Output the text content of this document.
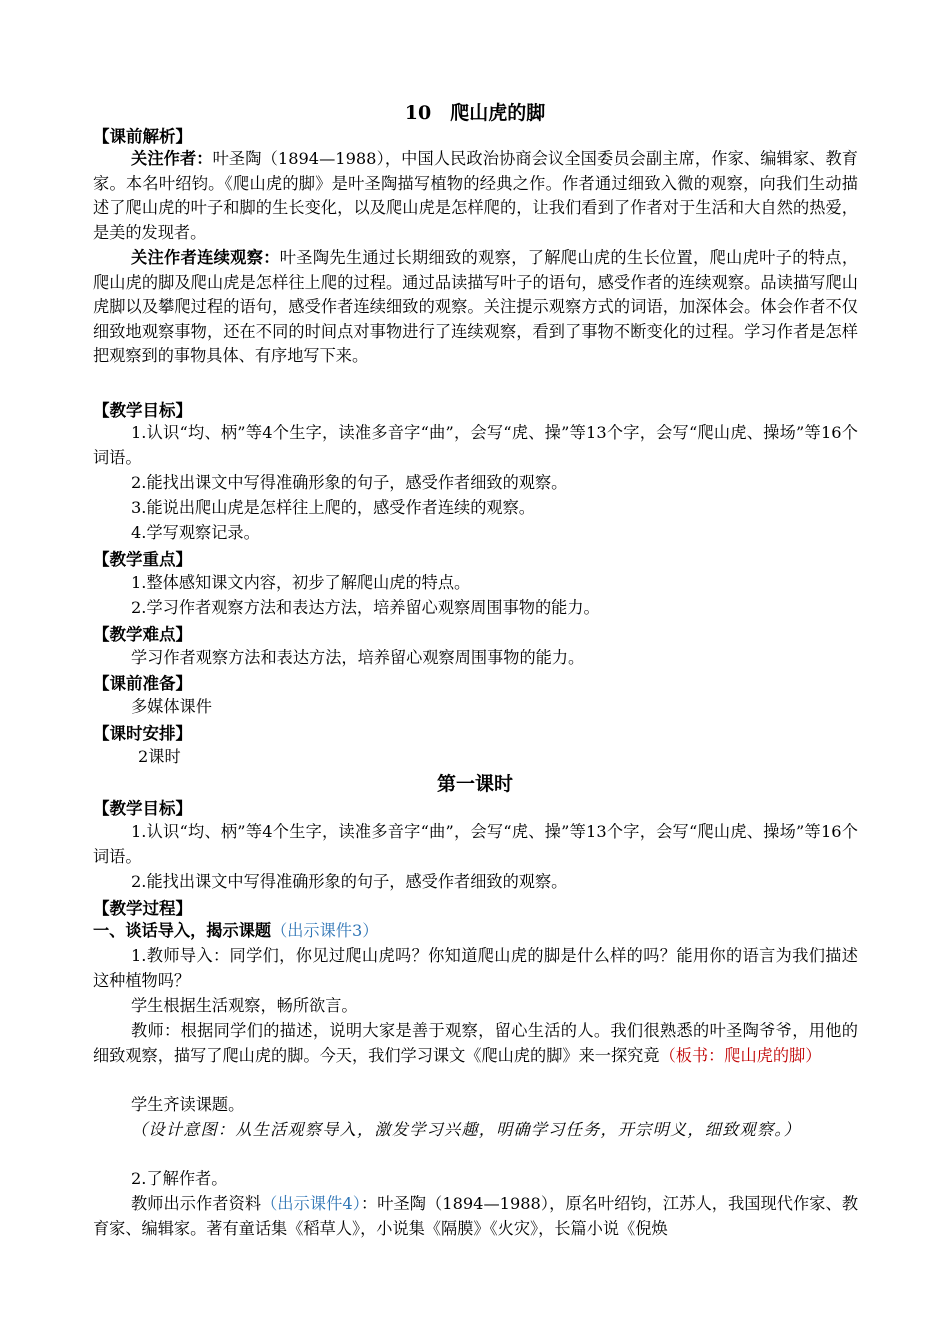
10　爬山虎的脚
【课前解析】
关注作者：叶圣陶（1894—1988），中国人民政治协商会议全国委员会副主席，作家、编辑家、教育家。本名叶绍钧。《爬山虎的脚》是叶圣陶描写植物的经典之作。作者通过细致入微的观察，向我们生动描述了爬山虎的叶子和脚的生长变化，以及爬山虎是怎样爬的，让我们看到了作者对于生活和大自然的热爱，是美的发现者。
关注作者连续观察：叶圣陶先生通过长期细致的观察，了解爬山虎的生长位置，爬山虎叶子的特点，爬山虎的脚及爬山虎是怎样往上爬的过程。通过品读描写叶子的语句，感受作者的连续观察。品读描写爬山虎脚以及攀爬过程的语句，感受作者连续细致的观察。关注提示观察方式的词语，加深体会。体会作者不仅细致地观察事物，还在不同的时间点对事物进行了连续观察，看到了事物不断变化的过程。学习作者是怎样把观察到的事物具体、有序地写下来。
【教学目标】
1.认识“均、柄”等4个生字，读准多音字“曲”，会写“虎、操”等13个字，会写“爬山虎、操场”等16个词语。
2.能找出课文中写得准确形象的句子，感受作者细致的观察。
3.能说出爬山虎是怎样往上爬的，感受作者连续的观察。
4.学写观察记录。
【教学重点】
1.整体感知课文内容，初步了解爬山虎的特点。
2.学习作者观察方法和表达方法，培养留心观察周围事物的能力。
【教学难点】
学习作者观察方法和表达方法，培养留心观察周围事物的能力。
【课前准备】
多媒体课件
【课时安排】
2课时
第一课时
【教学目标】
1.认识“均、柄”等4个生字，读准多音字“曲”，会写“虎、操”等13个字，会写“爬山虎、操场”等16个词语。
2.能找出课文中写得准确形象的句子，感受作者细致的观察。
【教学过程】
一、谈话导入，揭示课题（出示课件3）
1.教师导入：同学们，你见过爬山虎吗？你知道爬山虎的脚是什么样的吗？能用你的语言为我们描述这种植物吗？
学生根据生活观察，畅所欲言。
教师：根据同学们的描述，说明大家是善于观察，留心生活的人。我们很熟悉的叶圣陶爷爷，用他的细致观察，描写了爬山虎的脚。今天，我们学习课文《爬山虎的脚》来一探究竟（板书：爬山虎的脚）
学生齐读课题。
（设计意图：从生活观察导入，激发学习兴趣，明确学习任务，开宗明义，细致观察。）
2.了解作者。
教师出示作者资料（出示课件4）：叶圣陶（1894—1988），原名叶绍钧，江苏人，我国现代作家、教育家、编辑家。著有童话集《稻草人》，小说集《隔膜》《火灾》，长篇小说《倪焕
